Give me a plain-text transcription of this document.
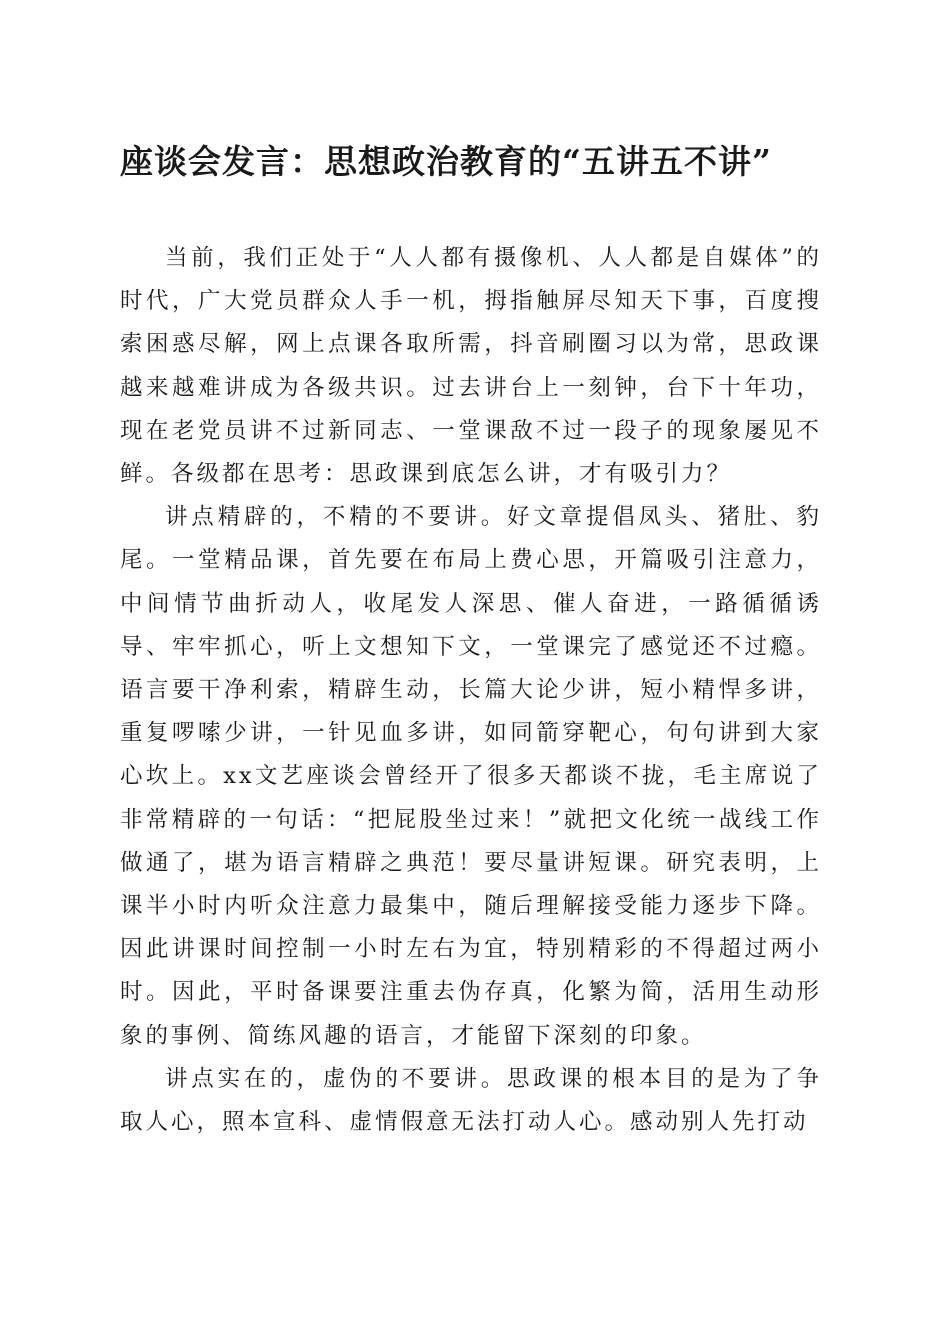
座谈会发言：思想政治教育的“五讲五不讲”

当前，我们正处于“人人都有摄像机、人人都是自媒体”的时代，广大党员群众人手一机，拇指触屏尽知天下事，百度搜索困惑尽解，网上点课各取所需，抖音刷圈习以为常，思政课越来越难讲成为各级共识。过去讲台上一刻钟，台下十年功，现在老党员讲不过新同志、一堂课敌不过一段子的现象屡见不鲜。各级都在思考：思政课到底怎么讲，才有吸引力？

讲点精辟的，不精的不要讲。好文章提倡凤头、猪肚、豹尾。一堂精品课，首先要在布局上费心思，开篇吸引注意力，中间情节曲折动人，收尾发人深思、催人奋进，一路循循诱导、牢牢抓心，听上文想知下文，一堂课完了感觉还不过瘾。语言要干净利索，精辟生动，长篇大论少讲，短小精悍多讲，重复啰嗦少讲，一针见血多讲，如同箭穿靶心，句句讲到大家心坎上。xx文艺座谈会曾经开了很多天都谈不拢，毛主席说了非常精辟的一句话：“把屁股坐过来！”就把文化统一战线工作做通了，堪为语言精辟之典范！要尽量讲短课。研究表明，上课半小时内听众注意力最集中，随后理解接受能力逐步下降。因此讲课时间控制一小时左右为宜，特别精彩的不得超过两小时。因此，平时备课要注重去伪存真，化繁为简，活用生动形象的事例、简练风趣的语言，才能留下深刻的印象。

讲点实在的，虚伪的不要讲。思政课的根本目的是为了争取人心，照本宣科、虚情假意无法打动人心。感动别人先打动
